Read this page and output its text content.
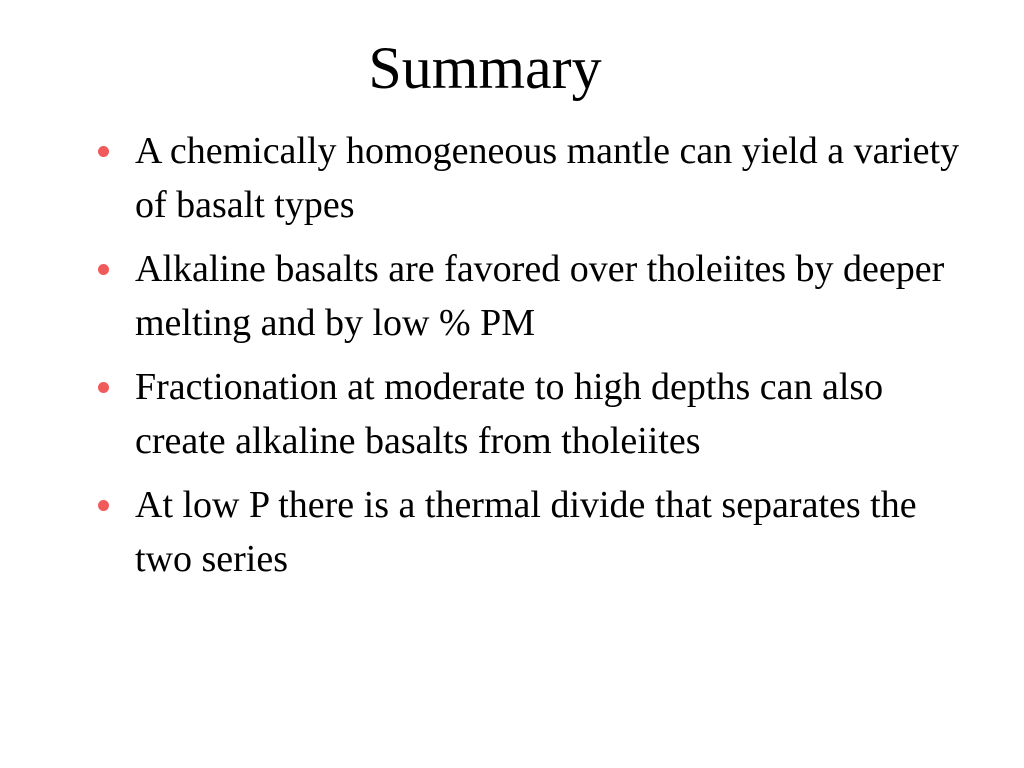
Summary
A chemically homogeneous mantle can yield a variety of basalt types
Alkaline basalts are favored over tholeiites by deeper melting and by low % PM
Fractionation at moderate to high depths can also create alkaline basalts from tholeiites
At low P there is a thermal divide that separates the two series
